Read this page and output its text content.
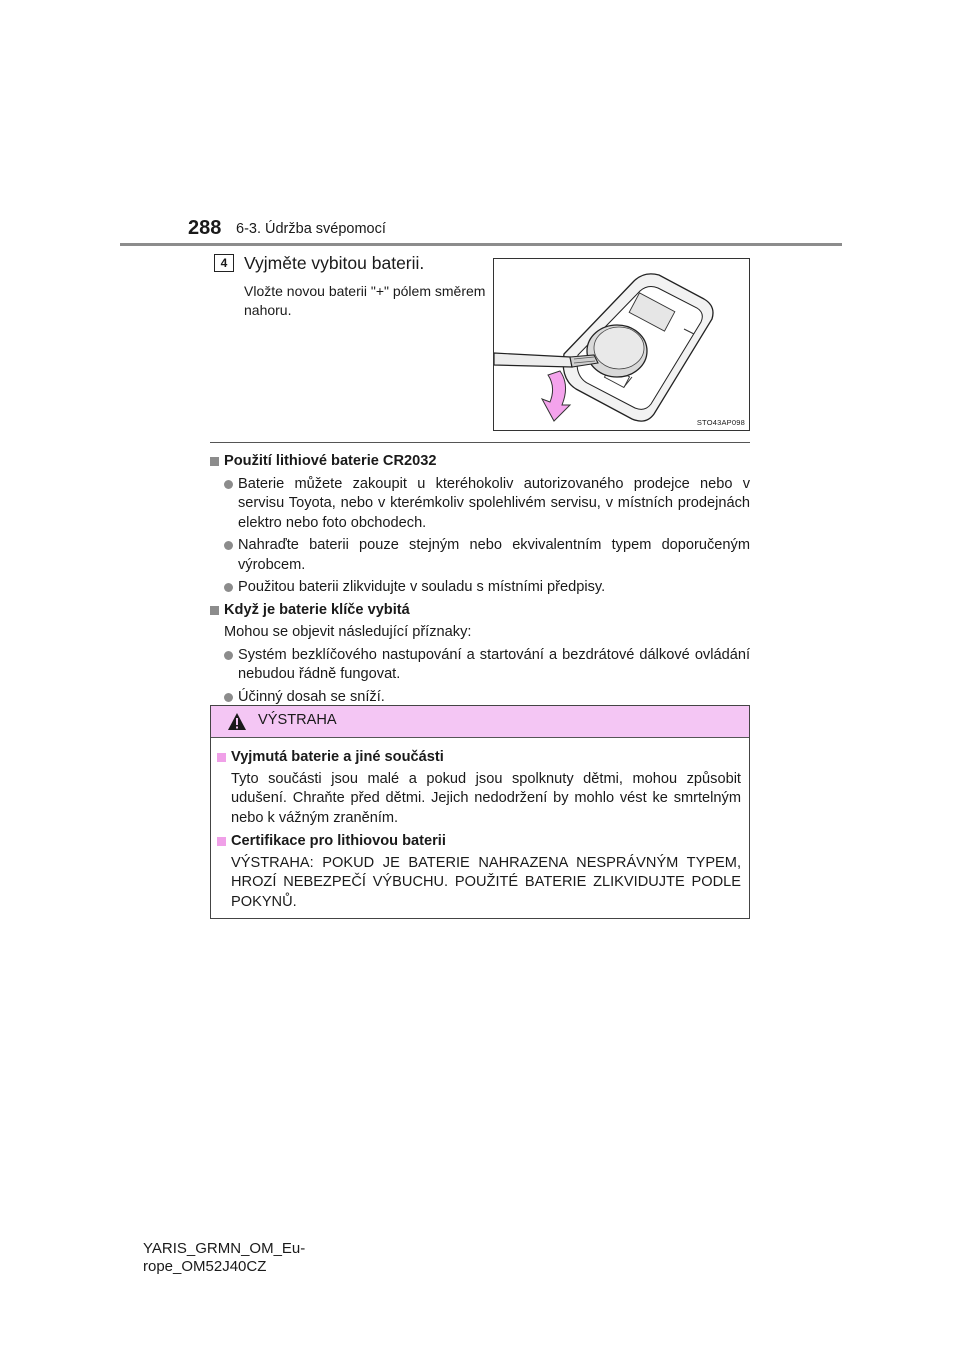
288 6-3. Údržba svépomocí
4 Vyjměte vybitou baterii.
Vložte novou baterii "+" pólem směrem nahoru.
STO43AP098
Použití lithiové baterie CR2032
Baterie můžete zakoupit u kteréhokoliv autorizovaného prodejce nebo v servisu Toyota, nebo v kterémkoliv spolehlivém servisu, v místních prodejnách elektro nebo foto obchodech.
Nahraďte baterii pouze stejným nebo ekvivalentním typem doporučeným výrobcem.
Použitou baterii zlikvidujte v souladu s místními předpisy.
Když je baterie klíče vybitá
Mohou se objevit následující příznaky:
Systém bezklíčového nastupování a startování a bezdrátové dálkové ovládání nebudou řádně fungovat.
Účinný dosah se sníží.
VÝSTRAHA
Vyjmutá baterie a jiné součásti
Tyto součásti jsou malé a pokud jsou spolknuty dětmi, mohou způsobit udušení. Chraňte před dětmi. Jejich nedodržení by mohlo vést ke smrtelným nebo k vážným zraněním.
Certifikace pro lithiovou baterii
VÝSTRAHA: POKUD JE BATERIE NAHRAZENA NESPRÁVNÝM TYPEM, HROZÍ NEBEZPEČÍ VÝBUCHU. POUŽITÉ BATERIE ZLIKVIDUJTE PODLE POKYNŮ.
YARIS_GRMN_OM_Eu-
rope_OM52J40CZ
